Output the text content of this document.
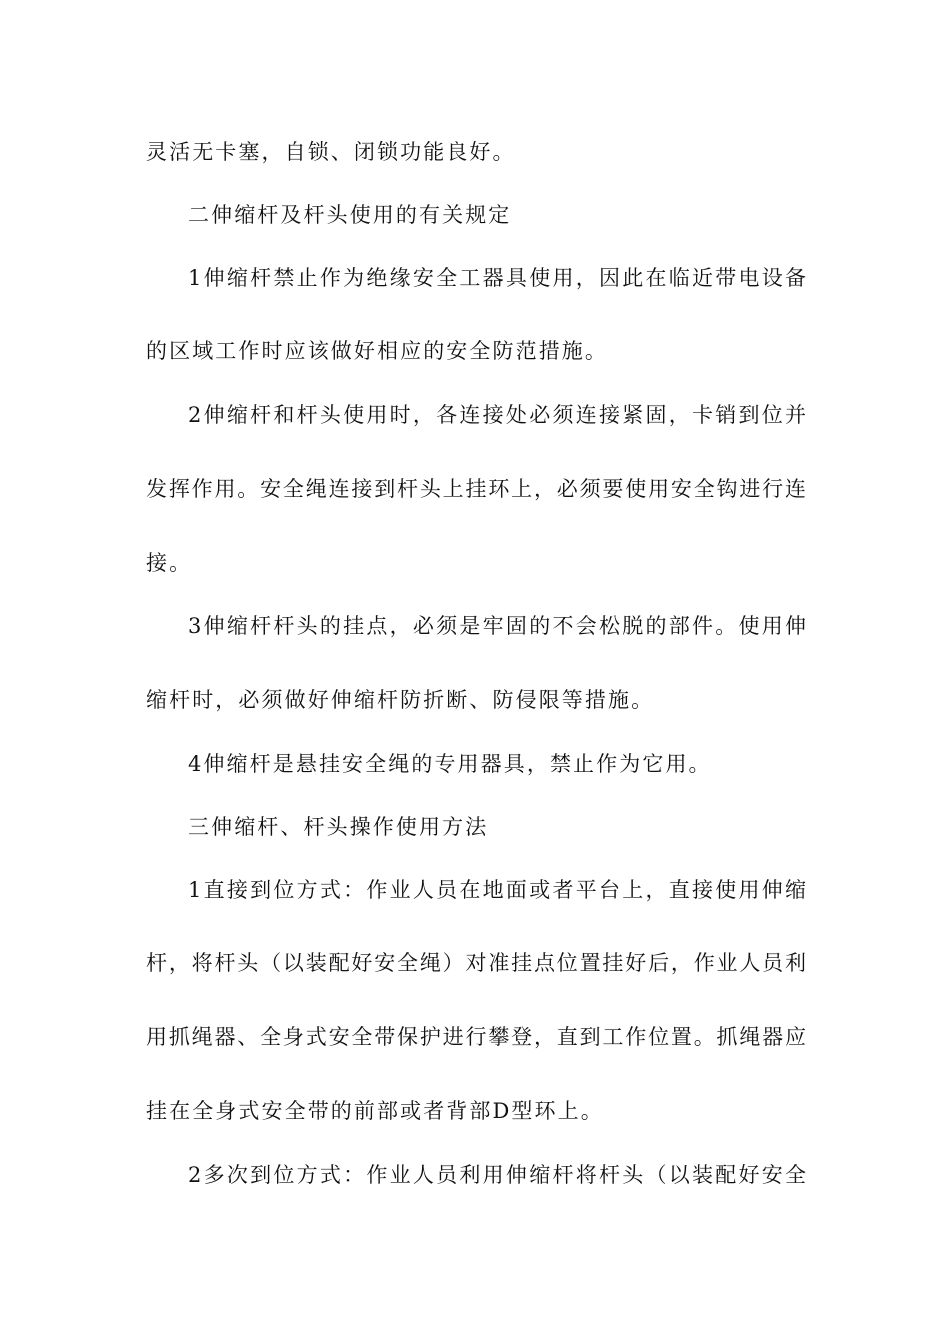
灵活无卡塞，自锁、闭锁功能良好。
二伸缩杆及杆头使用的有关规定
1伸缩杆禁止作为绝缘安全工器具使用，因此在临近带电设备
的区域工作时应该做好相应的安全防范措施。
2伸缩杆和杆头使用时，各连接处必须连接紧固，卡销到位并
发挥作用。安全绳连接到杆头上挂环上，必须要使用安全钩进行连
接。
3伸缩杆杆头的挂点，必须是牢固的不会松脱的部件。使用伸
缩杆时，必须做好伸缩杆防折断、防侵限等措施。
4伸缩杆是悬挂安全绳的专用器具，禁止作为它用。
三伸缩杆、杆头操作使用方法
1直接到位方式：作业人员在地面或者平台上，直接使用伸缩
杆，将杆头（以装配好安全绳）对准挂点位置挂好后，作业人员利
用抓绳器、全身式安全带保护进行攀登，直到工作位置。抓绳器应
挂在全身式安全带的前部或者背部D型环上。
2多次到位方式：作业人员利用伸缩杆将杆头（以装配好安全
